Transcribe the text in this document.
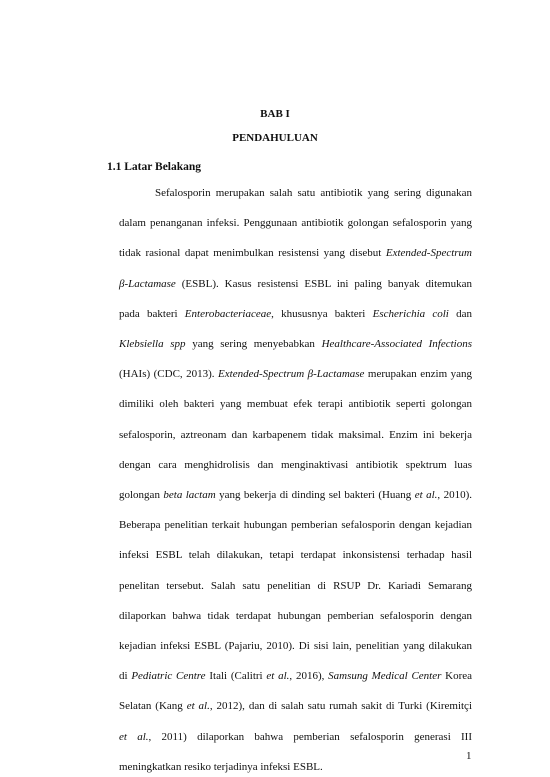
BAB I
PENDAHULUAN
1.1 Latar Belakang
Sefalosporin merupakan salah satu antibiotik yang sering digunakan
dalam penanganan infeksi. Penggunaan antibiotik golongan sefalosporin yang
tidak rasional dapat menimbulkan resistensi yang disebut Extended-Spectrum
β-Lactamase (ESBL). Kasus resistensi ESBL ini paling banyak ditemukan
pada bakteri Enterobacteriaceae, khususnya bakteri Escherichia coli dan
Klebsiella spp yang sering menyebabkan Healthcare-Associated Infections
(HAIs) (CDC, 2013). Extended-Spectrum β-Lactamase merupakan enzim yang
dimiliki oleh bakteri yang membuat efek terapi antibiotik seperti golongan
sefalosporin, aztreonam dan karbapenem tidak maksimal. Enzim ini bekerja
dengan cara menghidrolisis dan menginaktivasi antibiotik spektrum luas
golongan beta lactam yang bekerja di dinding sel bakteri (Huang et al., 2010).
Beberapa penelitian terkait hubungan pemberian sefalosporin dengan kejadian
infeksi ESBL telah dilakukan, tetapi terdapat inkonsistensi terhadap hasil
penelitan tersebut. Salah satu penelitian di RSUP Dr. Kariadi Semarang
dilaporkan bahwa tidak terdapat hubungan pemberian sefalosporin dengan
kejadian infeksi ESBL (Pajariu, 2010). Di sisi lain, penelitian yang dilakukan
di Pediatric Centre Itali (Calitri et al., 2016), Samsung Medical Center Korea
Selatan (Kang et al., 2012), dan di salah satu rumah sakit di Turki (Kiremitçi
et al., 2011) dilaporkan bahwa pemberian sefalosporin generasi III
meningkatkan resiko terjadinya infeksi ESBL.
1
